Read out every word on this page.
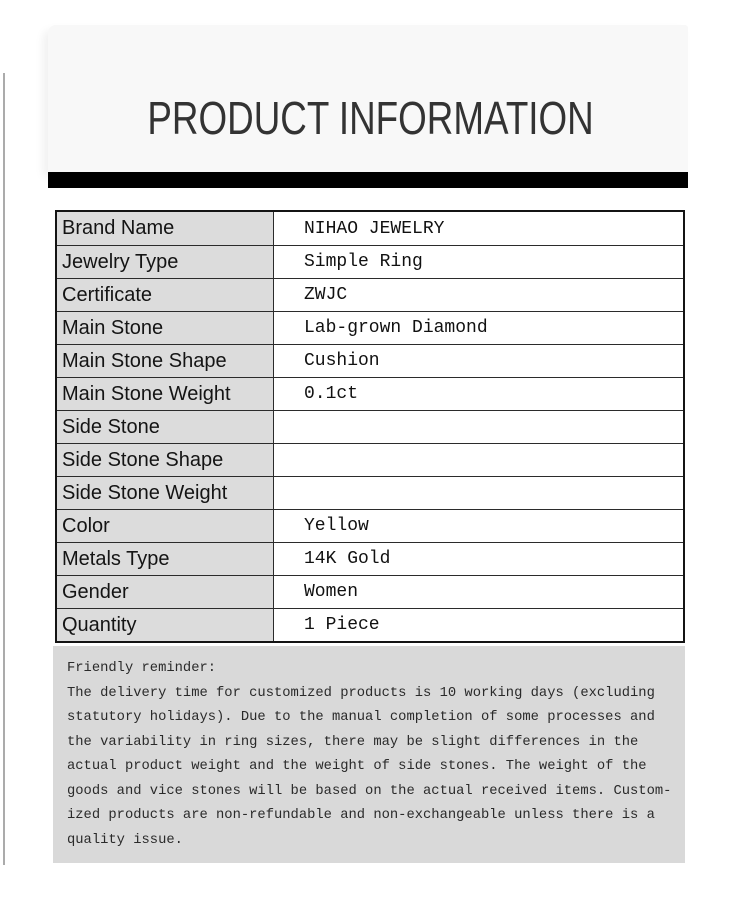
PRODUCT INFORMATION
Brand Name	NIHAO JEWELRY
Jewelry Type	Simple Ring
Certificate	ZWJC
Main Stone	Lab-grown Diamond
Main Stone Shape	Cushion
Main Stone Weight	0.1ct
Side Stone
Side Stone Shape
Side Stone Weight
Color	Yellow
Metals Type	14K Gold
Gender	Women
Quantity	1 Piece
Friendly reminder:
The delivery time for customized products is 10 working days (excluding
statutory holidays). Due to the manual completion of some processes and
the variability in ring sizes, there may be slight differences in the
actual product weight and the weight of side stones. The weight of the
goods and vice stones will be based on the actual received items. Custom-
ized products are non-refundable and non-exchangeable unless there is a
quality issue.
